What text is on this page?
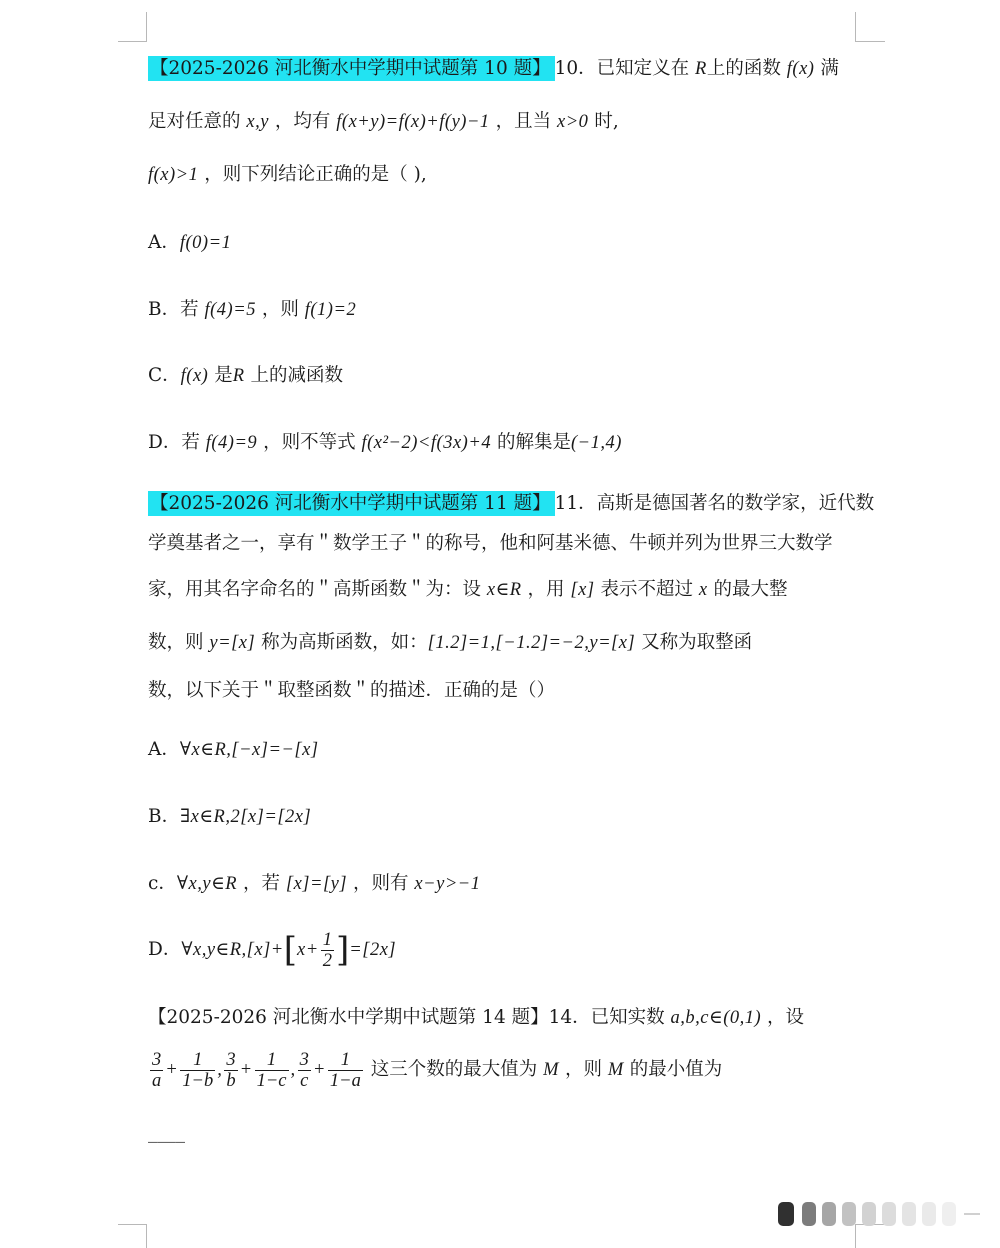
【2025-2026 河北衡水中学期中试题第 10 题】 10．已知定义在 R上的函数 f(x) 满
足对任意的 x,y ，均有 f(x+y)=f(x)+f(y)−1 ，且当 x>0 时,
f(x)>1 ，则下列结论正确的是（ ),
A．f(0)=1
B．若 f(4)=5 ，则 f(1)=2
C．f(x) 是R 上的减函数
D．若 f(4)=9 ，则不等式 f(x²−2)<f(3x)+4 的解集是(−1,4)
【2025-2026 河北衡水中学期中试题第 11 题】 11．高斯是德国著名的数学家，近代数
学奠基者之一，享有＂数学王子＂的称号，他和阿基米德、牛顿并列为世界三大数学
家，用其名字命名的＂高斯函数＂为：设 x∈R ，用 [x] 表示不超过 x 的最大整
数，则 y=[x] 称为高斯函数，如：[1.2]=1,[−1.2]=−2,y=[x] 又称为取整函
数，以下关于＂取整函数＂的描述．正确的是（）
A．∀x∈R,[−x]=−[x]
B．∃x∈R,2[x]=[2x]
c．∀x,y∈R ，若 [x]=[y] ，则有 x−y>−1
D．∀x,y∈R,[x]+[x+ $\frac{1}{2} ]=[2x]$
【2025-2026 河北衡水中学期中试题第 14 题】14．已知实数 a,b,c∈(0,1) ，设
$\frac{3}{a} + \frac{1}{1-b}$ , $\frac{3}{b} + \frac{1}{1-c}$ , $\frac{3}{c} + \frac{1}{1-a}$ 这三个数的最大值为 M ，则 M 的最小值为
____
